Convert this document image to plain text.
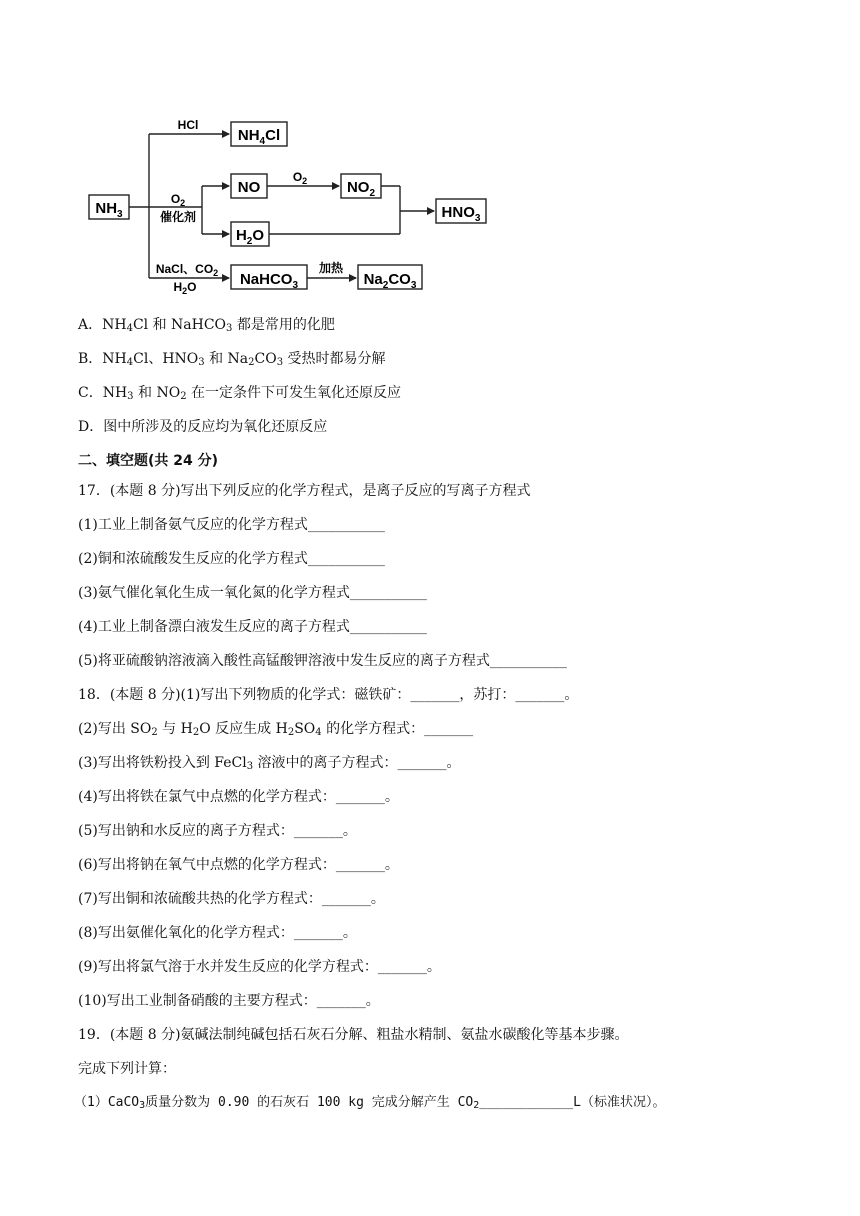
$NH_3$
$NH_4Cl$
NO	$NO_2$
$H_2O$
$HNO_3$
NaHCO$_3$	$Na_2CO_3$
HCl
$O_2$
$O_2$
催化剂
NaCl、$CO_2$
$H_2O$
加热
A．$NH_4Cl$ 和 NaHCO$_3$ 都是常用的化肥
B．$NH_4Cl$、$HNO_3$ 和 $Na_2CO_3$ 受热时都易分解
C．$NH_3$ 和 $NO_2$ 在一定条件下可发生氧化还原反应
D．图中所涉及的反应均为氧化还原反应
二、填空题(共 24 分)
17．(本题 8 分)写出下列反应的化学方程式，是离子反应的写离子方程式
(1)工业上制备氨气反应的化学方程式___________
(2)铜和浓硫酸发生反应的化学方程式___________
(3)氨气催化氧化生成一氧化氮的化学方程式___________
(4)工业上制备漂白液发生反应的离子方程式___________
(5)将亚硫酸钠溶液滴入酸性高锰酸钾溶液中发生反应的离子方程式___________
18．(本题 8 分)(1)写出下列物质的化学式：磁铁矿：_______，苏打：_______。
(2)写出 $SO_2$ 与 $H_2O$ 反应生成 $H_2SO_4$ 的化学方程式：_______
(3)写出将铁粉投入到 FeCl$_3$ 溶液中的离子方程式：_______。
(4)写出将铁在氯气中点燃的化学方程式：_______。
(5)写出钠和水反应的离子方程式：_______。
(6)写出将钠在氧气中点燃的化学方程式：_______。
(7)写出铜和浓硫酸共热的化学方程式：_______。
(8)写出氨催化氧化的化学方程式：_______。
(9)写出将氯气溶于水并发生反应的化学方程式：_______。
(10)写出工业制备硝酸的主要方程式：_______。
19．(本题 8 分)氨碱法制纯碱包括石灰石分解、粗盐水精制、氨盐水碳酸化等基本步骤。
完成下列计算：
（1）CaCO$_3$质量分数为 0.90 的石灰石 100 kg 完成分解产生 $CO_2\_\_\_\_\_\_\_\_\_\_\_\_L$（标准状况）。
